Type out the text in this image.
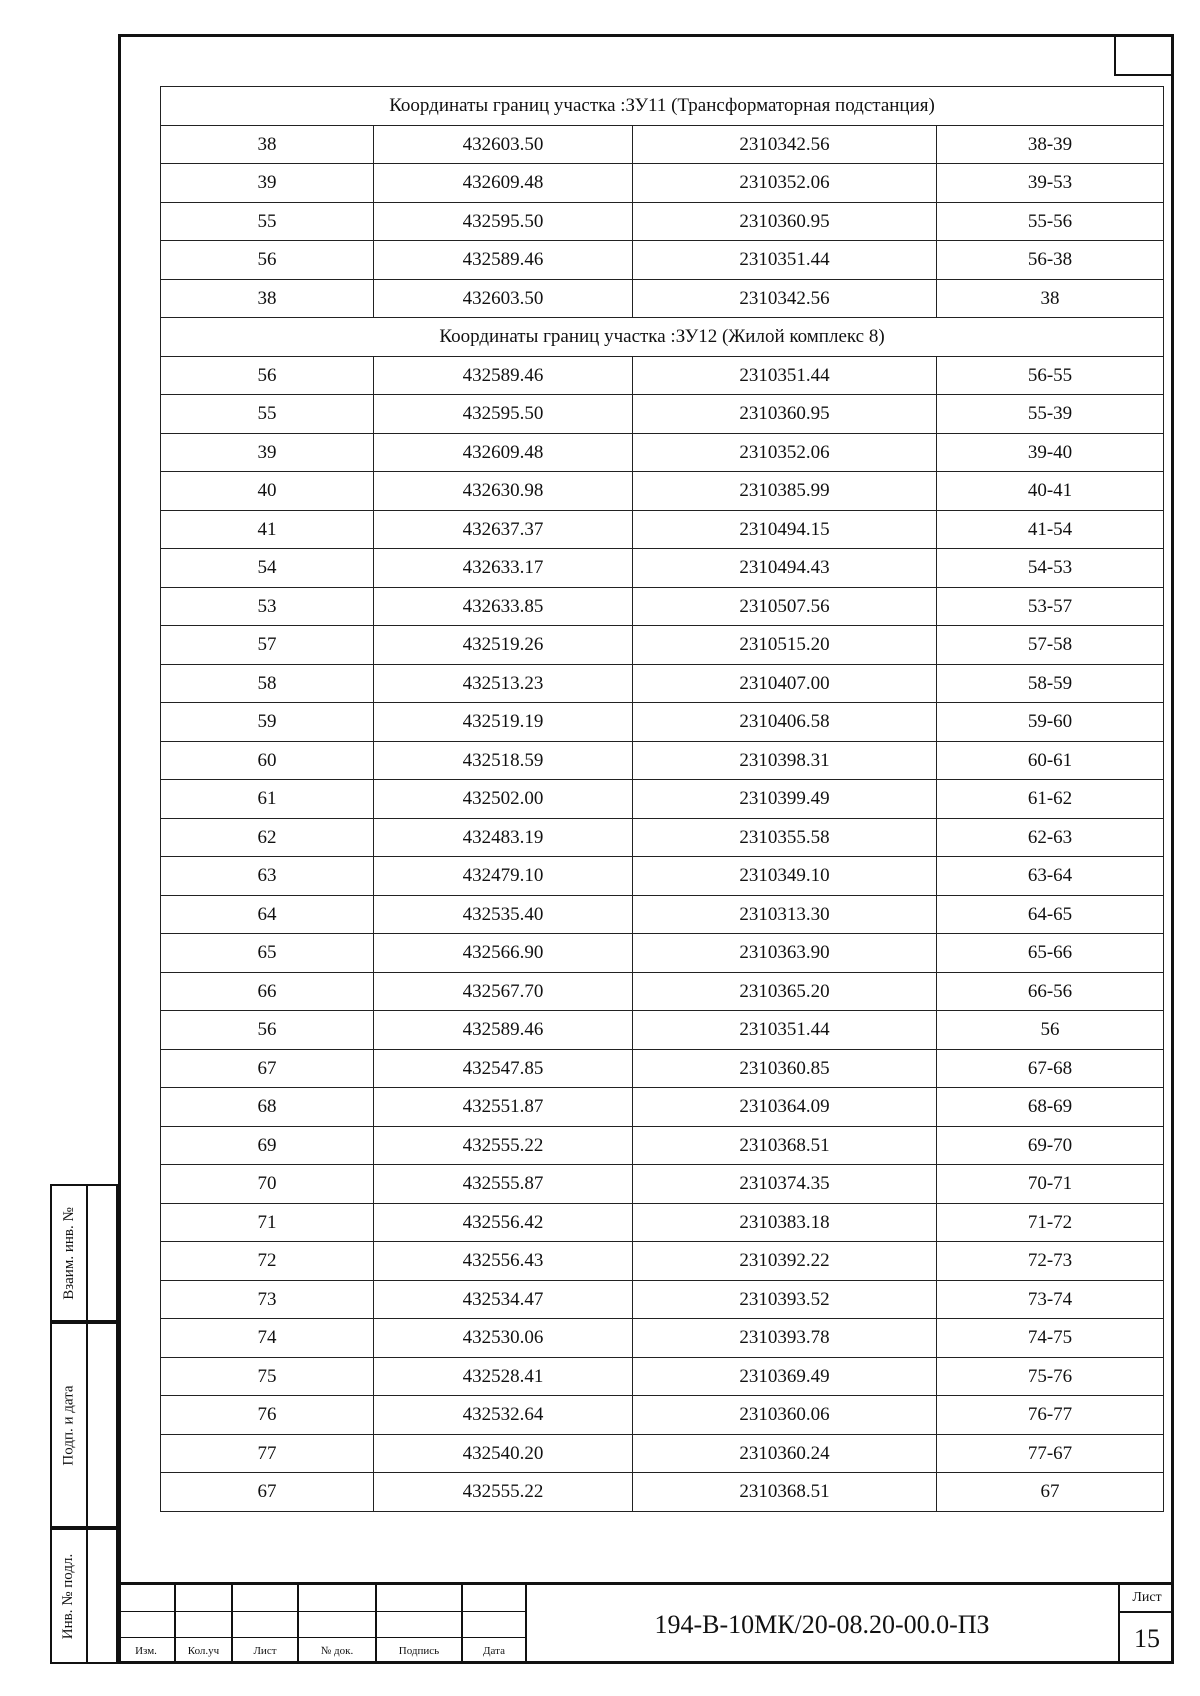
Координаты границ участка :ЗУ11 (Трансформаторная подстанция)			
38	432603.50	2310342.56	38-39
39	432609.48	2310352.06	39-53
55	432595.50	2310360.95	55-56
56	432589.46	2310351.44	56-38
38	432603.50	2310342.56	38
Координаты границ участка :ЗУ12 (Жилой комплекс 8)			
56	432589.46	2310351.44	56-55
55	432595.50	2310360.95	55-39
39	432609.48	2310352.06	39-40
40	432630.98	2310385.99	40-41
41	432637.37	2310494.15	41-54
54	432633.17	2310494.43	54-53
53	432633.85	2310507.56	53-57
57	432519.26	2310515.20	57-58
58	432513.23	2310407.00	58-59
59	432519.19	2310406.58	59-60
60	432518.59	2310398.31	60-61
61	432502.00	2310399.49	61-62
62	432483.19	2310355.58	62-63
63	432479.10	2310349.10	63-64
64	432535.40	2310313.30	64-65
65	432566.90	2310363.90	65-66
66	432567.70	2310365.20	66-56
56	432589.46	2310351.44	56
67	432547.85	2310360.85	67-68
68	432551.87	2310364.09	68-69
69	432555.22	2310368.51	69-70
70	432555.87	2310374.35	70-71
71	432556.42	2310383.18	71-72
72	432556.43	2310392.22	72-73
73	432534.47	2310393.52	73-74
74	432530.06	2310393.78	74-75
75	432528.41	2310369.49	75-76
76	432532.64	2310360.06	76-77
77	432540.20	2310360.24	77-67
67	432555.22	2310368.51	67
Взаим. инв. №
Подп. и дата
Инв. № подл.

Изм.	Кол.уч	Лист	№ док.	Подпись	Дата
194-В-10МК/20-08.20-00.0-ПЗ
Лист
15
